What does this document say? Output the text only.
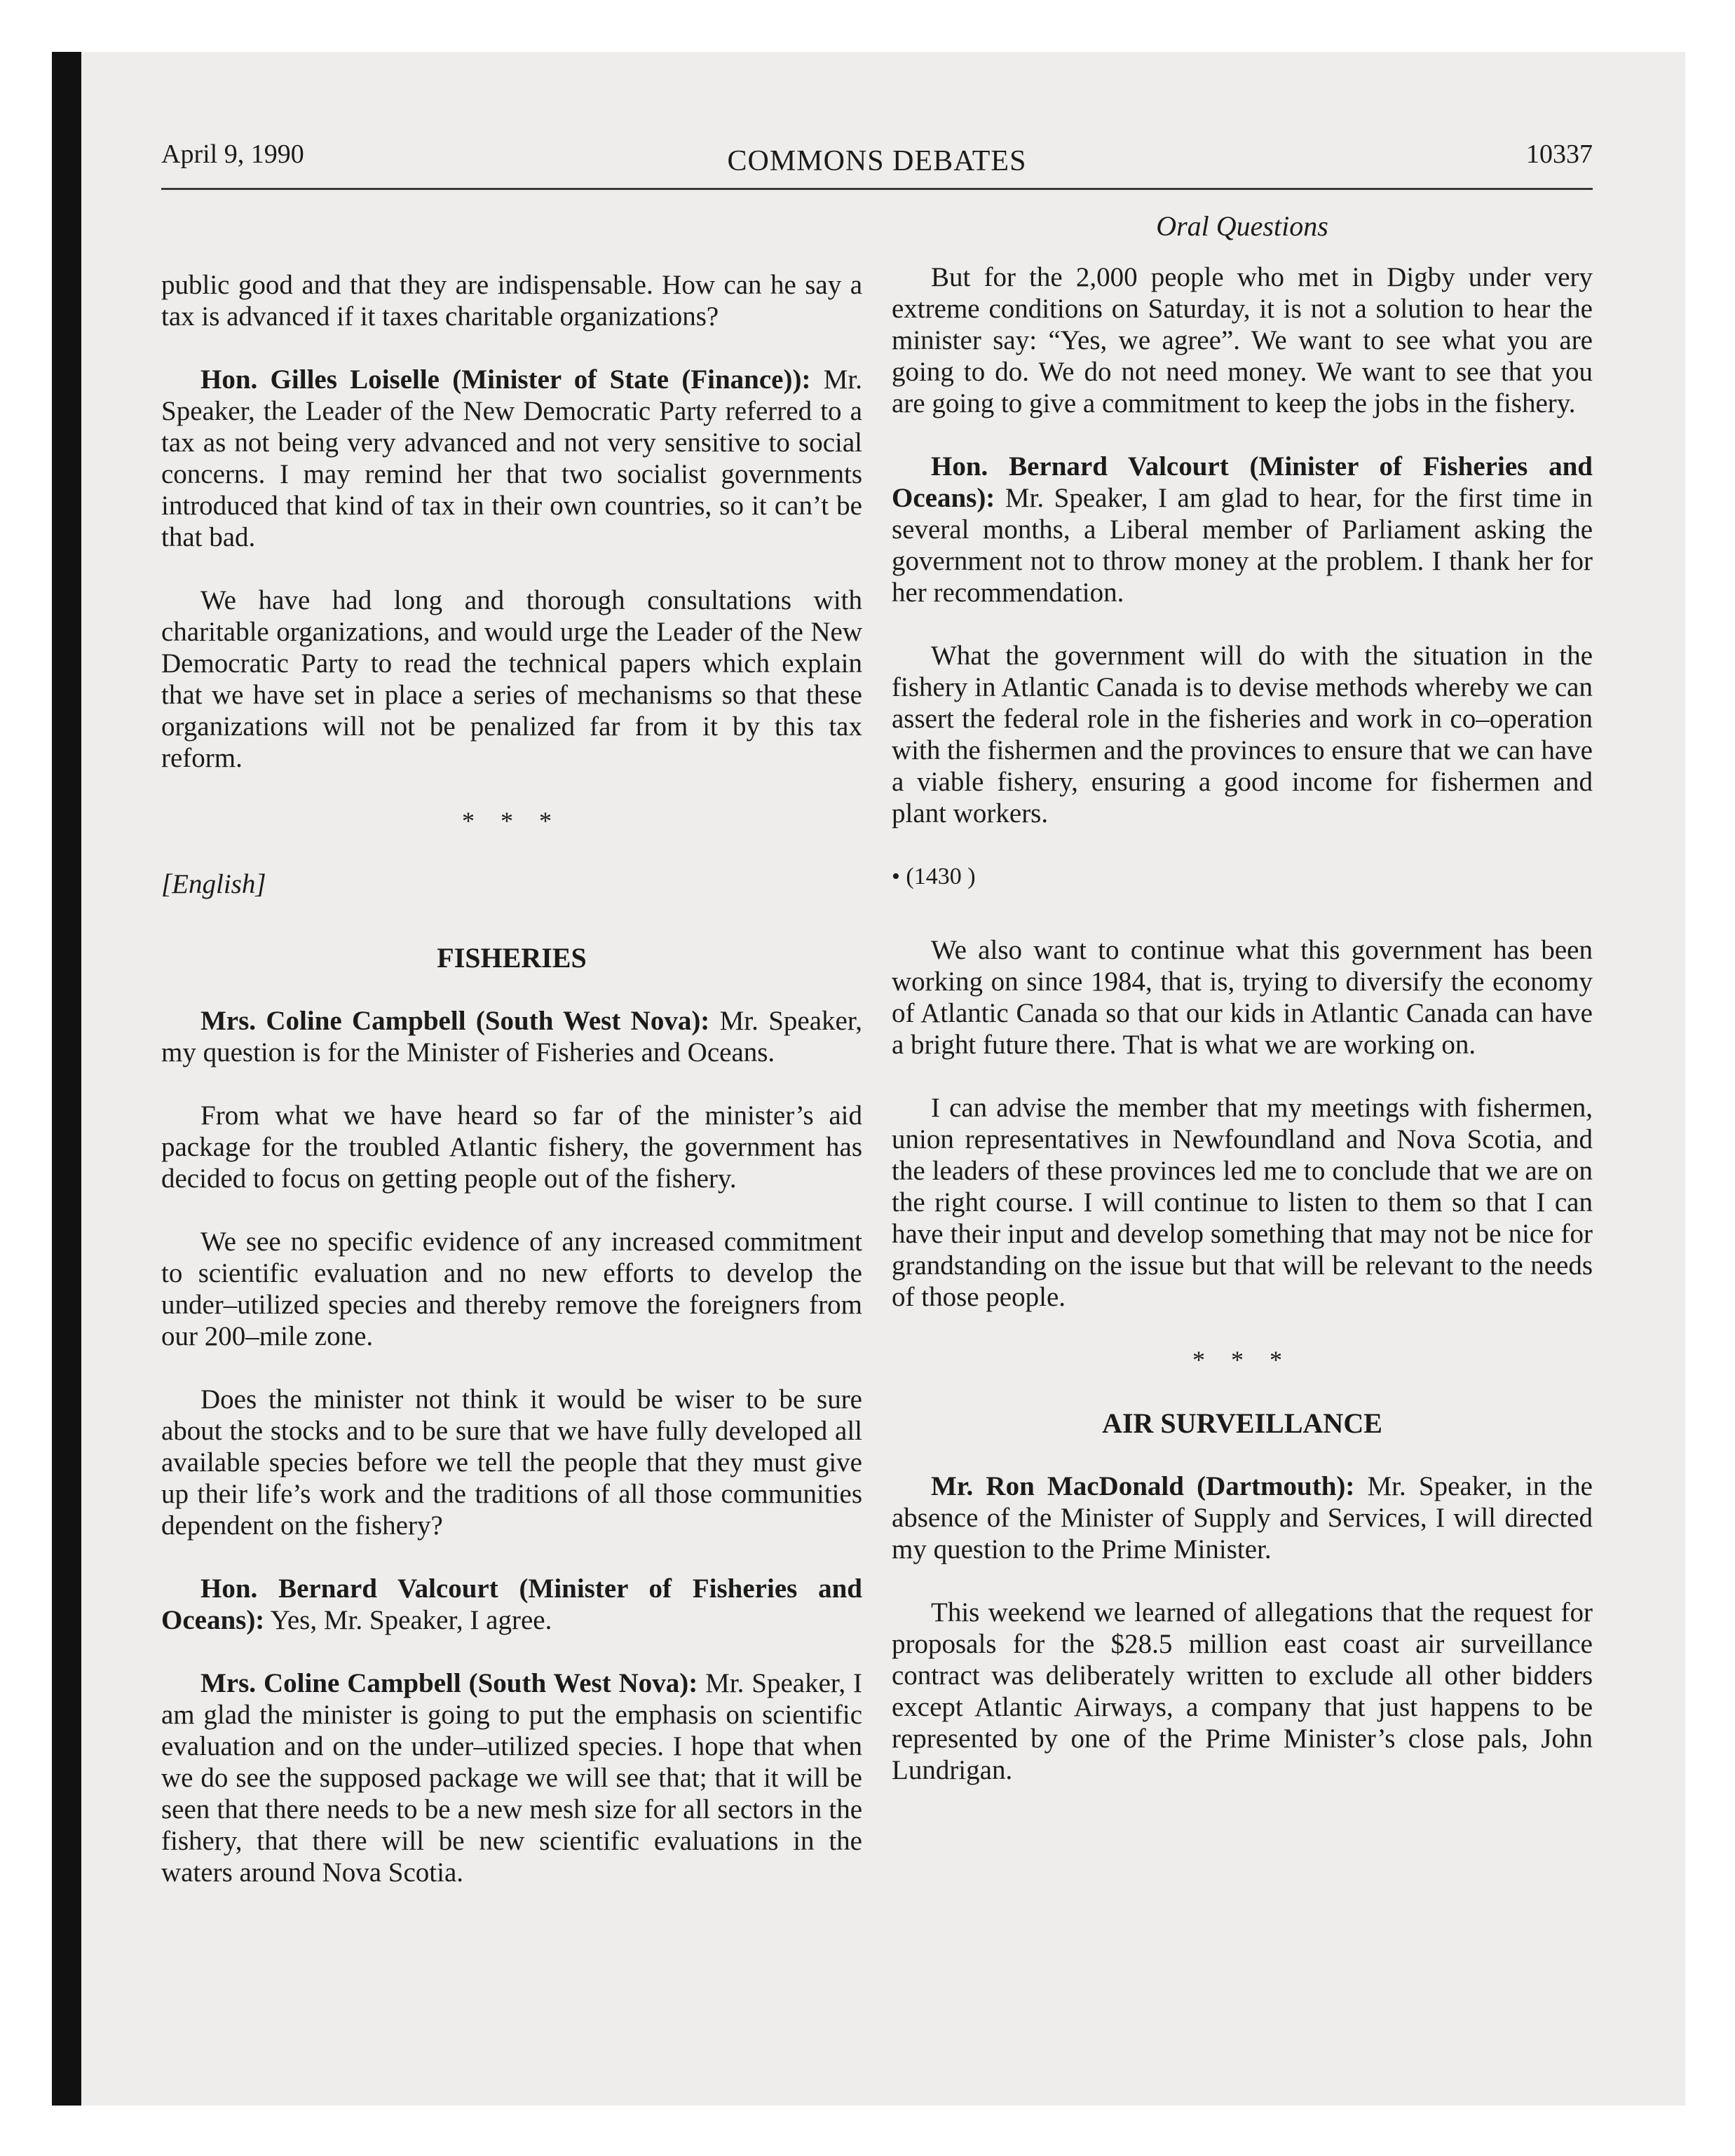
April 9, 1990	COMMONS DEBATES	10337

public good and that they are indispensable. How can he say a tax is advanced if it taxes charitable organizations?

Hon. Gilles Loiselle (Minister of State (Finance)): Mr. Speaker, the Leader of the New Democratic Party referred to a tax as not being very advanced and not very sensitive to social concerns. I may remind her that two socialist governments introduced that kind of tax in their own countries, so it can’t be that bad.

We have had long and thorough consultations with charitable organizations, and would urge the Leader of the New Democratic Party to read the technical papers which explain that we have set in place a series of mechanisms so that these organizations will not be penalized far from it by this tax reform.

* * *
[English]
FISHERIES

Mrs. Coline Campbell (South West Nova): Mr. Speaker, my question is for the Minister of Fisheries and Oceans.

From what we have heard so far of the minister’s aid package for the troubled Atlantic fishery, the government has decided to focus on getting people out of the fishery.

We see no specific evidence of any increased commitment to scientific evaluation and no new efforts to develop the under–utilized species and thereby remove the foreigners from our 200–mile zone.

Does the minister not think it would be wiser to be sure about the stocks and to be sure that we have fully developed all available species before we tell the people that they must give up their life’s work and the traditions of all those communities dependent on the fishery?

Hon. Bernard Valcourt (Minister of Fisheries and Oceans): Yes, Mr. Speaker, I agree.

Mrs. Coline Campbell (South West Nova): Mr. Speaker, I am glad the minister is going to put the emphasis on scientific evaluation and on the under–utilized species. I hope that when we do see the supposed package we will see that; that it will be seen that there needs to be a new mesh size for all sectors in the fishery, that there will be new scientific evaluations in the waters around Nova Scotia.

Oral Questions

But for the 2,000 people who met in Digby under very extreme conditions on Saturday, it is not a solution to hear the minister say: “Yes, we agree”. We want to see what you are going to do. We do not need money. We want to see that you are going to give a commitment to keep the jobs in the fishery.

Hon. Bernard Valcourt (Minister of Fisheries and Oceans): Mr. Speaker, I am glad to hear, for the first time in several months, a Liberal member of Parliament asking the government not to throw money at the problem. I thank her for her recommendation.

What the government will do with the situation in the fishery in Atlantic Canada is to devise methods whereby we can assert the federal role in the fisheries and work in co–operation with the fishermen and the provinces to ensure that we can have a viable fishery, ensuring a good income for fishermen and plant workers.

• (1430 )

We also want to continue what this government has been working on since 1984, that is, trying to diversify the economy of Atlantic Canada so that our kids in Atlantic Canada can have a bright future there. That is what we are working on.

I can advise the member that my meetings with fishermen, union representatives in Newfoundland and Nova Scotia, and the leaders of these provinces led me to conclude that we are on the right course. I will continue to listen to them so that I can have their input and develop something that may not be nice for grandstanding on the issue but that will be relevant to the needs of those people.

* * *
AIR SURVEILLANCE

Mr. Ron MacDonald (Dartmouth): Mr. Speaker, in the absence of the Minister of Supply and Services, I will directed my question to the Prime Minister.

This weekend we learned of allegations that the request for proposals for the $28.5 million east coast air surveillance contract was deliberately written to exclude all other bidders except Atlantic Airways, a company that just happens to be represented by one of the Prime Minister’s close pals, John Lundrigan.
